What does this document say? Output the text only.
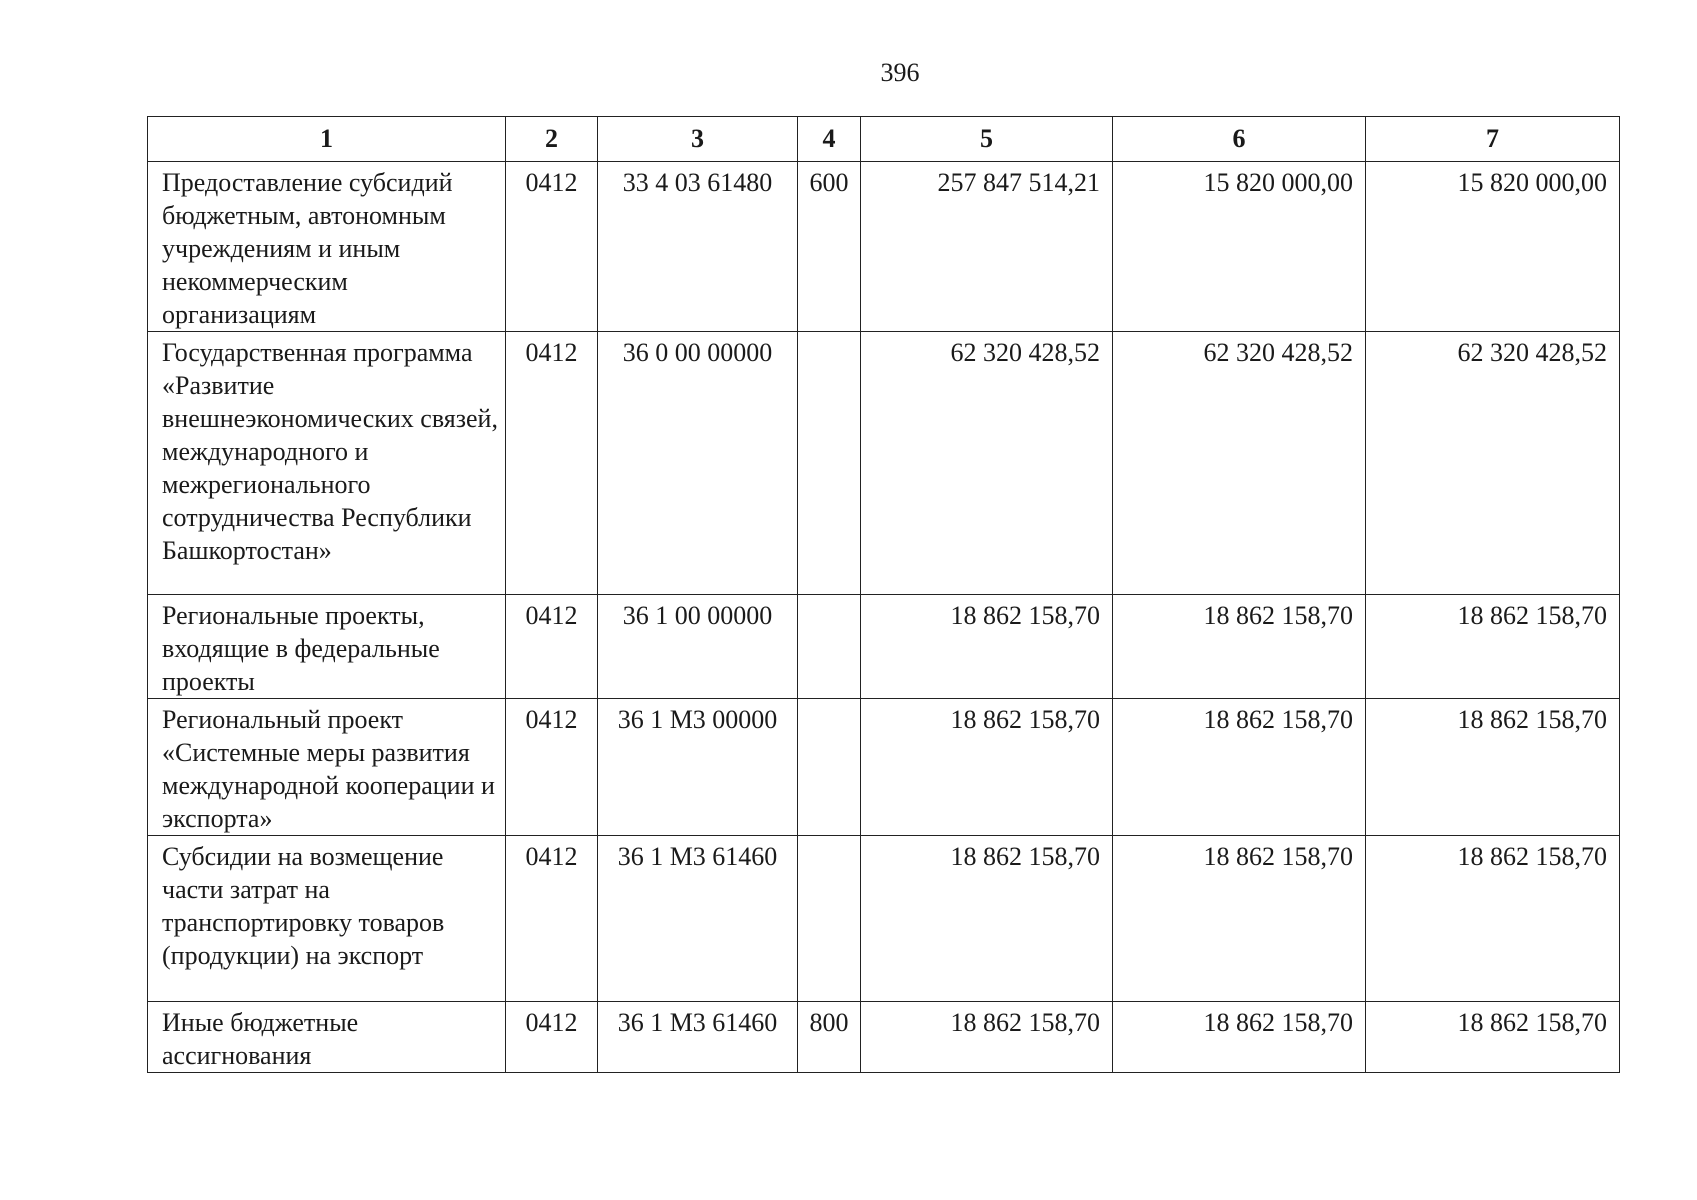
396
1	2	3	4	5	6	7
Предоставление субсидий бюджетным, автономным учреждениям и иным некоммерческим организациям	0412	33 4 03 61480	600	257 847 514,21	15 820 000,00	15 820 000,00
Государственная программа «Развитие внешнеэкономических связей, международного и межрегионального сотрудничества Республики Башкортостан»	0412	36 0 00 00000		62 320 428,52	62 320 428,52	62 320 428,52
Региональные проекты, входящие в федеральные проекты	0412	36 1 00 00000		18 862 158,70	18 862 158,70	18 862 158,70
Региональный проект «Системные меры развития международной кооперации и экспорта»	0412	36 1 М3 00000		18 862 158,70	18 862 158,70	18 862 158,70
Субсидии на возмещение части затрат на транспортировку товаров (продукции) на экспорт	0412	36 1 М3 61460		18 862 158,70	18 862 158,70	18 862 158,70
Иные бюджетные ассигнования	0412	36 1 М3 61460	800	18 862 158,70	18 862 158,70	18 862 158,70
